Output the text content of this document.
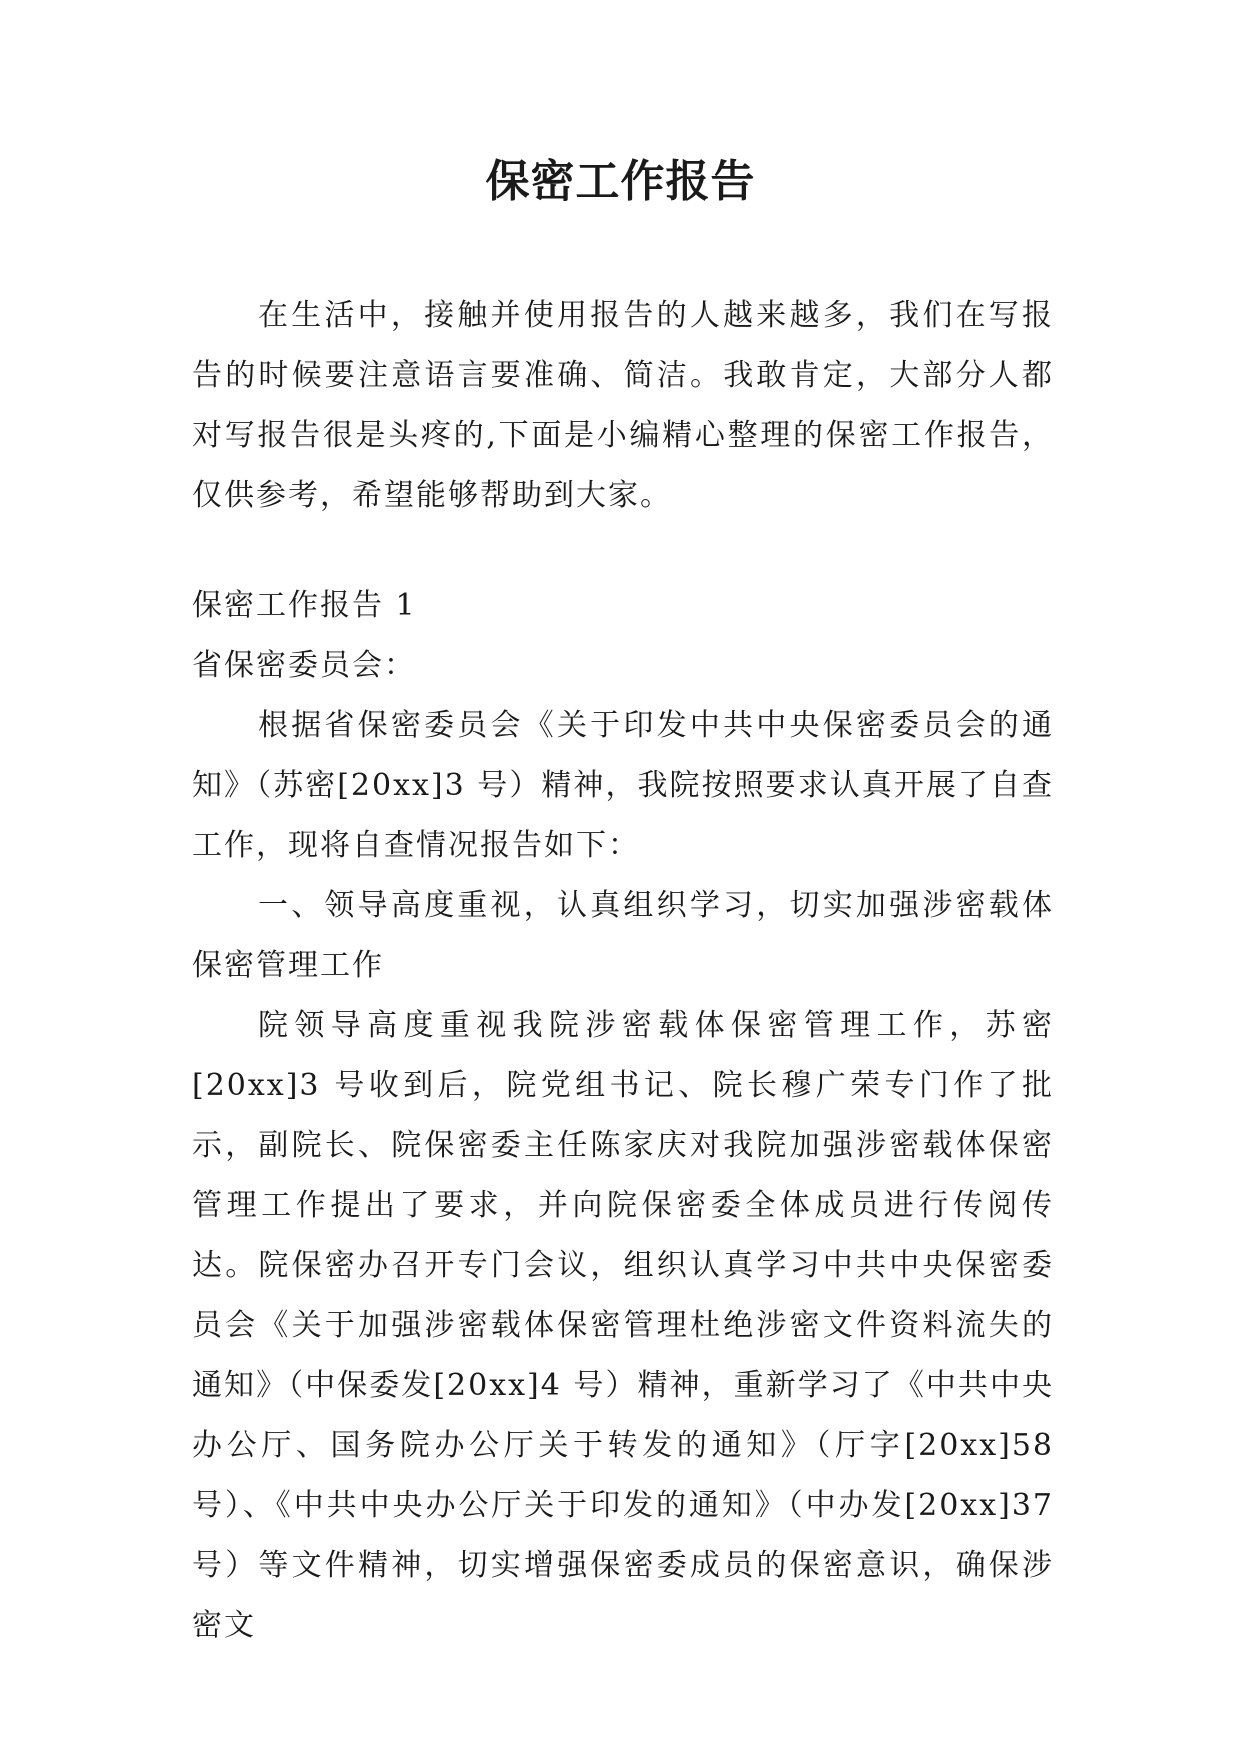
保密工作报告

在生活中，接触并使用报告的人越来越多，我们在写报告的时候要注意语言要准确、简洁。我敢肯定，大部分人都对写报告很是头疼的,下面是小编精心整理的保密工作报告，仅供参考，希望能够帮助到大家。

保密工作报告 1

省保密委员会：

根据省保密委员会《关于印发中共中央保密委员会的通知》（苏密[20xx]3 号）精神，我院按照要求认真开展了自查工作，现将自查情况报告如下：

一、领导高度重视，认真组织学习，切实加强涉密载体保密管理工作

院领导高度重视我院涉密载体保密管理工作，苏密[20xx]3 号收到后，院党组书记、院长穆广荣专门作了批示，副院长、院保密委主任陈家庆对我院加强涉密载体保密管理工作提出了要求，并向院保密委全体成员进行传阅传达。院保密办召开专门会议，组织认真学习中共中央保密委员会《关于加强涉密载体保密管理杜绝涉密文件资料流失的通知》（中保委发[20xx]4 号）精神，重新学习了《中共中央办公厅、国务院办公厅关于转发的通知》（厅字[20xx]58 号）、《中共中央办公厅关于印发的通知》（中办发[20xx]37 号）等文件精神，切实增强保密委成员的保密意识，确保涉密文
